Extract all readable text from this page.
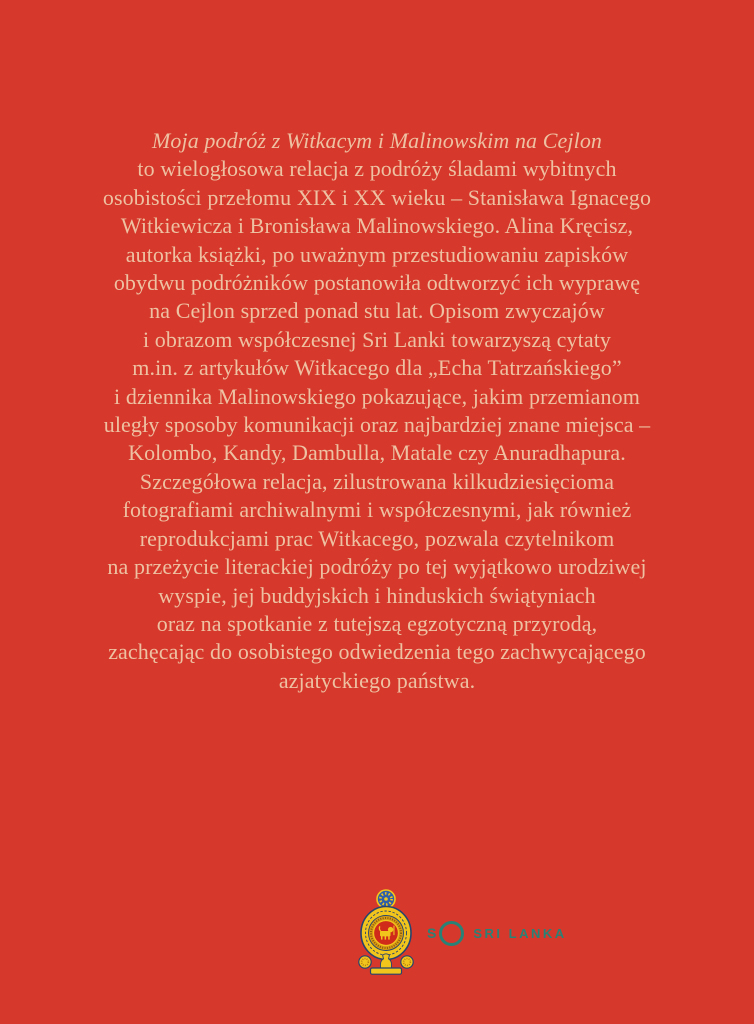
Moja podróż z Witkacym i Malinowskim na Cejlon
to wielogłosowa relacja z podróży śladami wybitnych
osobistości przełomu XIX i XX wieku – Stanisława Ignacego
Witkiewicza i Bronisława Malinowskiego. Alina Kręcisz,
autorka książki, po uważnym przestudiowaniu zapisków
obydwu podróżników postanowiła odtworzyć ich wyprawę
na Cejlon sprzed ponad stu lat. Opisom zwyczajów
i obrazom współczesnej Sri Lanki towarzyszą cytaty
m.in. z artykułów Witkacego dla „Echa Tatrzańskiego”
i dziennika Malinowskiego pokazujące, jakim przemianom
uległy sposoby komunikacji oraz najbardziej znane miejsca –
Kolombo, Kandy, Dambulla, Matale czy Anuradhapura.
Szczegółowa relacja, zilustrowana kilkudziesięcioma
fotografiami archiwalnymi i współczesnymi, jak również
reprodukcjami prac Witkacego, pozwala czytelnikom
na przeżycie literackiej podróży po tej wyjątkowo urodziwej
wyspie, jej buddyjskich i hinduskich świątyniach
oraz na spotkanie z tutejszą egzotyczną przyrodą,
zachęcając do osobistego odwiedzenia tego zachwycającego
azjatyckiego państwa.
S	SRI LANKA
